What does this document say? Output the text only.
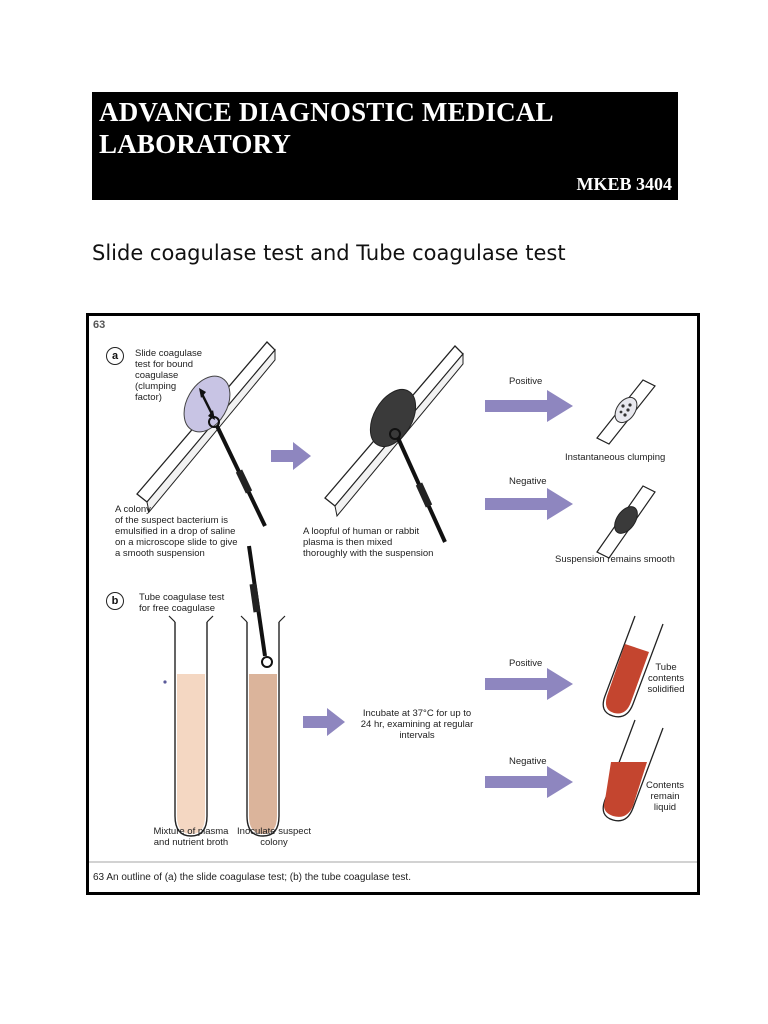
ADVANCE DIAGNOSTIC MEDICAL LABORATORY
MKEB 3404
Slide coagulase test and Tube coagulase test
63
a	Slide coagulase
test for bound
coagulase
(clumping
factor)
A colony
of the suspect bacterium is
emulsified in a drop of saline
on a microscope slide to give
a smooth suspension
A loopful of human or rabbit
plasma is then mixed
thoroughly with the suspension
Positive
Instantaneous clumping
Negative
Suspension remains smooth
b	Tube coagulase test
for free coagulase
Mixture of plasma
and nutrient broth
Inoculate suspect
colony
Incubate at 37°C for up to
24 hr, examining at regular
intervals
Positive	Tube
contents
solidified
Negative
Contents
remain
liquid
63 An outline of (a) the slide coagulase test; (b) the tube coagulase test.
